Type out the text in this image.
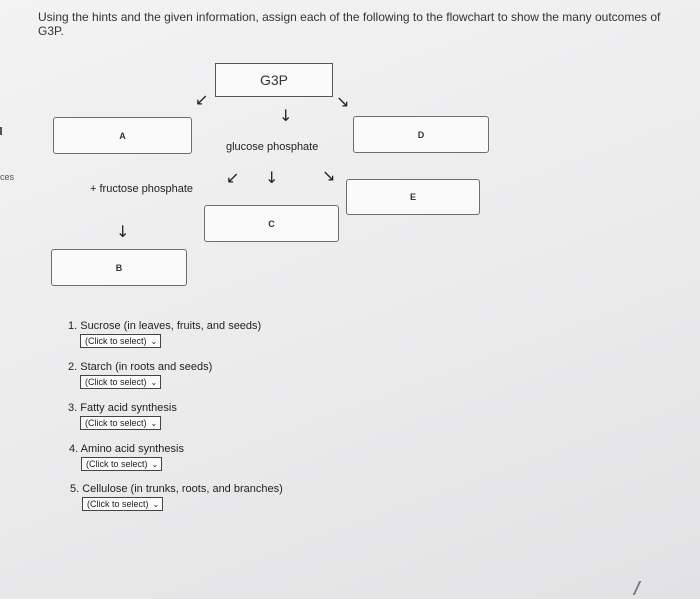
ces
Using the hints and the given information, assign each of the following to the flowchart to show the many outcomes of G3P.
G3P
↙	↘
↓
A	D
glucose phosphate
↙ ↓	↘
+ fructose phosphate
E
C
↓
B
1. Sucrose (in leaves, fruits, and seeds)
(Click to select) ⌄
2. Starch (in roots and seeds)
(Click to select) ⌄
3. Fatty acid synthesis
(Click to select) ⌄
4. Amino acid synthesis
(Click to select) ⌄
5. Cellulose (in trunks, roots, and branches)
(Click to select) ⌄
